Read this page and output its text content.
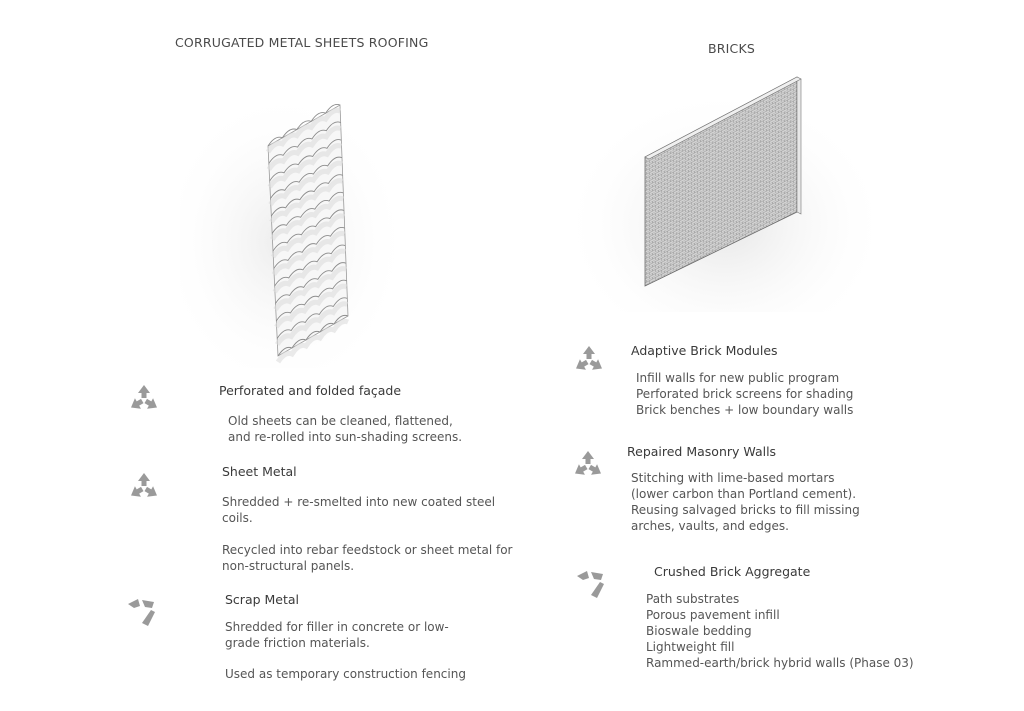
CORRUGATED METAL SHEETS ROOFING	BRICKS
Perforated and folded façade
Old sheets can be cleaned, flattened,
and re-rolled into sun-shading screens.
Sheet Metal
Shredded + re-smelted into new coated steel
coils.
Recycled into rebar feedstock or sheet metal for
non-structural panels.
Scrap Metal
Shredded for filler in concrete or low-
grade friction materials.
Used as temporary construction fencing
Adaptive Brick Modules
Infill walls for new public program
Perforated brick screens for shading
Brick benches + low boundary walls
Repaired Masonry Walls
Stitching with lime-based mortars
(lower carbon than Portland cement).
Reusing salvaged bricks to fill missing
arches, vaults, and edges.
Crushed Brick Aggregate
Path substrates
Porous pavement infill
Bioswale bedding
Lightweight fill
Rammed-earth/brick hybrid walls (Phase 03)
